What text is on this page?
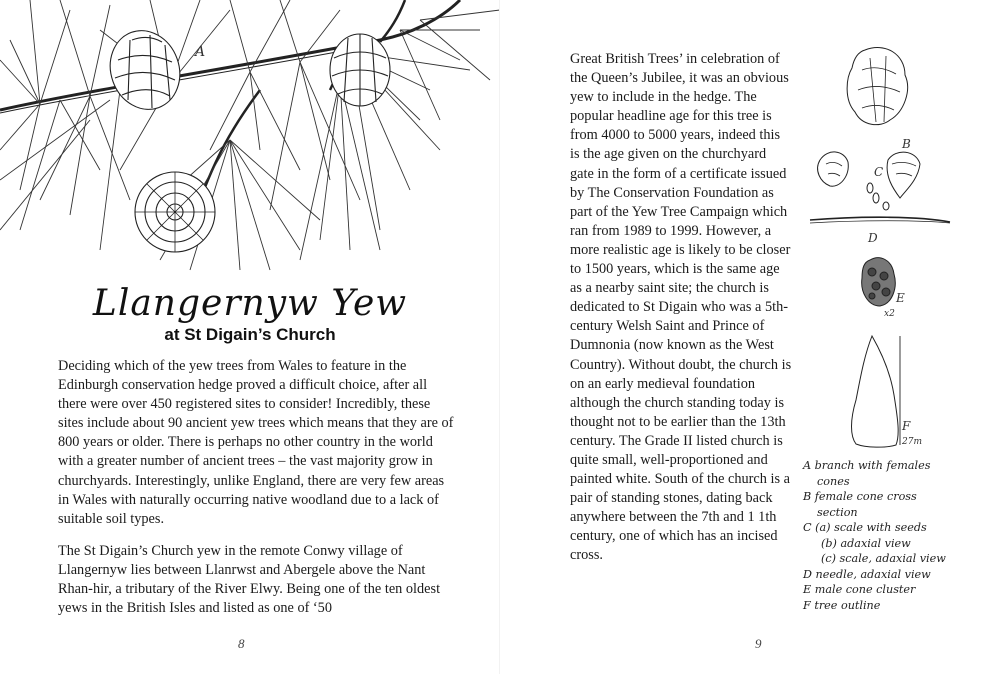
A
Llangernyw Yew
at St Digain’s Church

Deciding which of the yew trees from Wales to feature in the Edinburgh conservation hedge proved a difficult choice, after all there were over 450 registered sites to consider! Incredibly, these sites include about 90 ancient yew trees which means that they are of 800 years or older. There is perhaps no other country in the world with a greater number of ancient trees – the vast majority grow in churchyards. Interestingly, unlike England, there are very few areas in Wales with naturally occurring native woodland due to a lack of suitable soil types.

The St Digain’s Church yew in the remote Conwy village of Llangernyw lies between Llanrwst and Abergele above the Nant Rhan-hir, a tributary of the River Elwy. Being one of the ten oldest yews in the British Isles and listed as one of ‘50

8

Great British Trees’ in celebration of the Queen’s Jubilee, it was an obvious yew to include in the hedge. The popular headline age for this tree is from 4000 to 5000 years, indeed this is the age given on the churchyard gate in the form of a certificate issued by The Conservation Foundation as part of the Yew Tree Campaign which ran from 1989 to 1999. However, a more realistic age is likely to be closer to 1500 years, which is the same age as a nearby saint site; the church is dedicated to St Digain who was a 5th-century Welsh Saint and Prince of Dumnonia (now known as the West Country). Without doubt, the church is on an early medieval foundation although the church standing today is thought not to be earlier than the 13th century. The Grade II listed church is quite small, well-proportioned and painted white. South of the church is a pair of standing stones, dating back anywhere between the 7th and 1 1th century, one of which has an incised cross.

B
C
D
E
x2
F
27m
A branch with females
cones
B female cone cross
section
C (a) scale with seeds
(b) adaxial view
(c) scale, adaxial view
D needle, adaxial view
E male cone cluster
F tree outline
9
